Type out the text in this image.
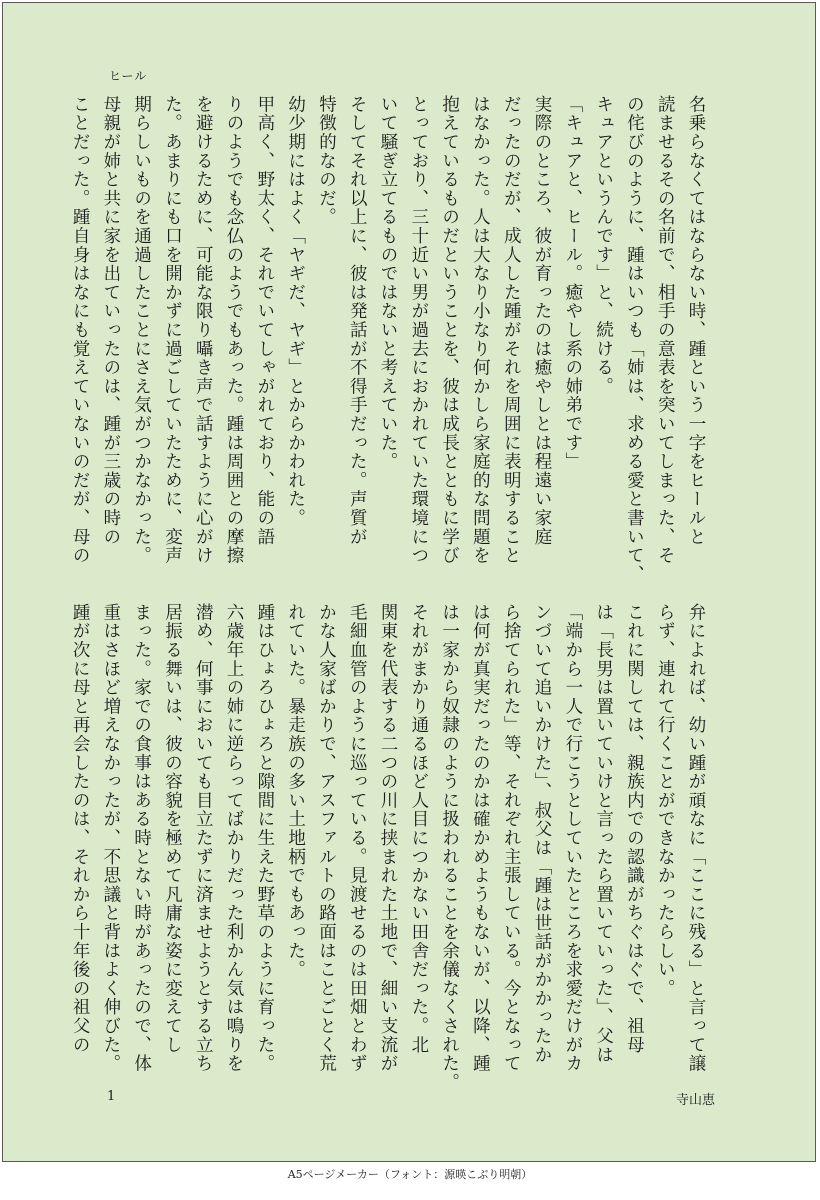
ヒール
名乗らなくてはならない時、踵という一字をヒールと
読ませるその名前で、相手の意表を突いてしまった、そ
の侘びのように、踵はいつも「姉は、求める愛と書いて、
キュアというんです」と、続ける。
「キュアと、ヒール。癒やし系の姉弟です」
実際のところ、彼が育ったのは癒やしとは程遠い家庭
だったのだが、成人した踵がそれを周囲に表明すること
はなかった。人は大なり小なり何かしら家庭的な問題を
抱えているものだということを、彼は成長とともに学び
とっており、三十近い男が過去におかれていた環境につ
いて騒ぎ立てるものではないと考えていた。
そしてそれ以上に、彼は発話が不得手だった。声質が
特徴的なのだ。
幼少期にはよく「ヤギだ、ヤギ」とからかわれた。
甲高く、野太く、それでいてしゃがれており、能の語
りのようでも念仏のようでもあった。踵は周囲との摩擦
を避けるために、可能な限り囁き声で話すように心がけ
た。あまりにも口を開かずに過ごしていたために、変声
期らしいものを通過したことにさえ気がつかなかった。
母親が姉と共に家を出ていったのは、踵が三歳の時の
ことだった。踵自身はなにも覚えていないのだが、母の
弁によれば、幼い踵が頑なに「ここに残る」と言って譲
らず、連れて行くことができなかったらしい。
これに関しては、親族内での認識がちぐはぐで、祖母
は「長男は置いていけと言ったら置いていった」、父は
「端から一人で行こうとしていたところを求愛だけがカ
ンづいて追いかけた」、叔父は「踵は世話がかかったか
ら捨てられた」等、それぞれ主張している。今となって
は何が真実だったのかは確かめようもないが、以降、踵
は一家から奴隷のように扱われることを余儀なくされた。
それがまかり通るほど人目につかない田舎だった。北
関東を代表する二つの川に挟まれた土地で、細い支流が
毛細血管のように巡っている。見渡せるのは田畑とわず
かな人家ばかりで、アスファルトの路面はことごとく荒
れていた。暴走族の多い土地柄でもあった。
踵はひょろひょろと隙間に生えた野草のように育った。
六歳年上の姉に逆らってばかりだった利かん気は鳴りを
潜め、何事においても目立たずに済ませようとする立ち
居振る舞いは、彼の容貌を極めて凡庸な姿に変えてし
まった。家での食事はある時とない時があったので、体
重はさほど増えなかったが、不思議と背はよく伸びた。
踵が次に母と再会したのは、それから十年後の祖父の
1	寺山恵
A5ページメーカー（フォント：源暎こぶり明朝）
